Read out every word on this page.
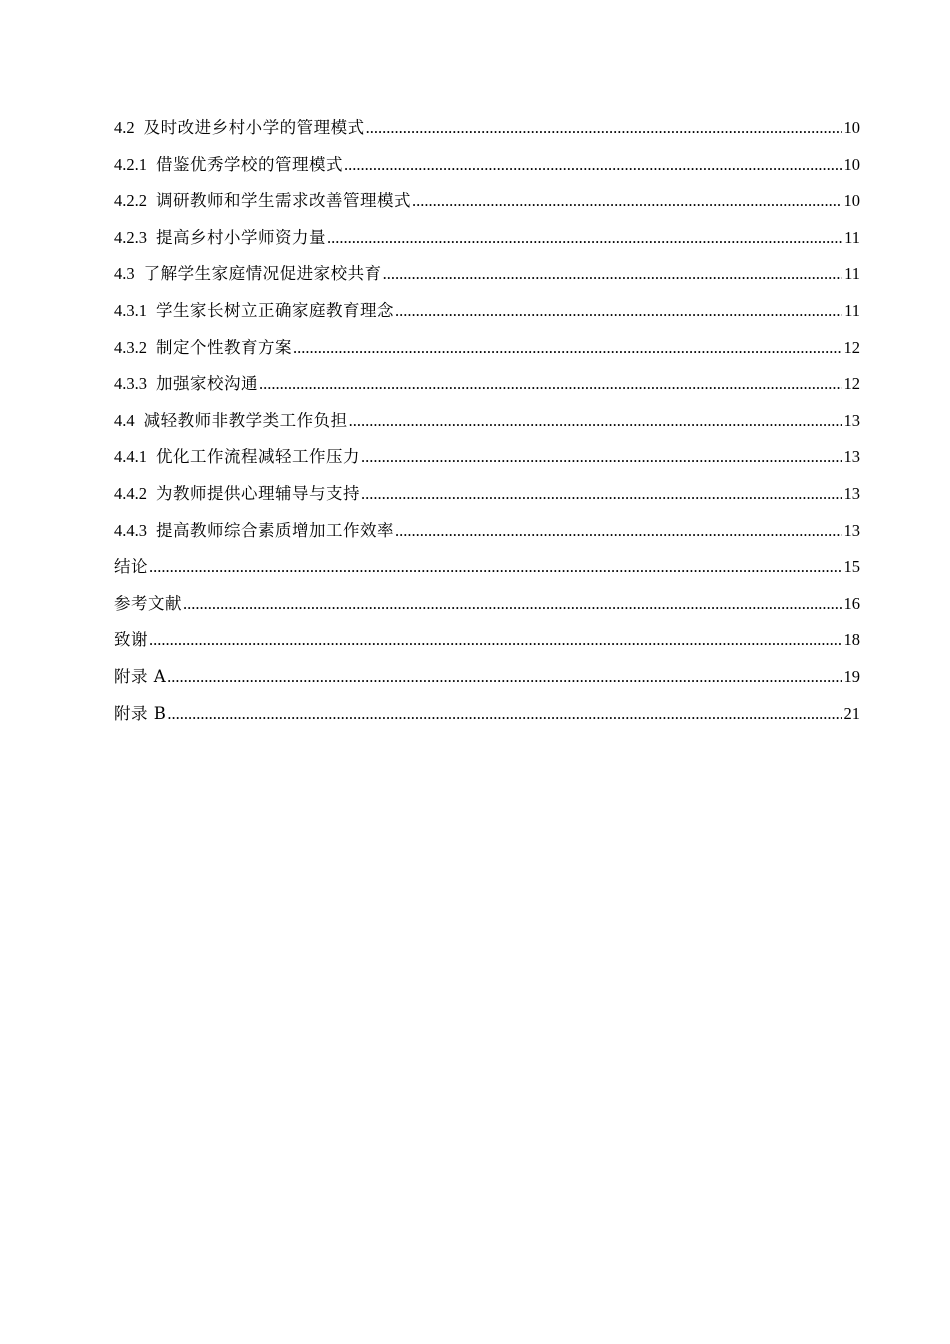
4.2 及时改进乡村小学的管理模式 .....	10
4.2.1 借鉴优秀学校的管理模式 .....	10
4.2.2 调研教师和学生需求改善管理模式 .....	10
4.2.3 提高乡村小学师资力量 .....	11
4.3 了解学生家庭情况促进家校共育 .....	11
4.3.1 学生家长树立正确家庭教育理念 .....	11
4.3.2 制定个性教育方案 .....	12
4.3.3 加强家校沟通 .....	12
4.4 减轻教师非教学类工作负担 .....	13
4.4.1 优化工作流程减轻工作压力 .....	13
4.4.2 为教师提供心理辅导与支持 .....	13
4.4.3 提高教师综合素质增加工作效率 .....	13
结论 .....	15
参考文献 .....	16
致谢 .....	18
附录 A .....	19
附录 B .....	21
